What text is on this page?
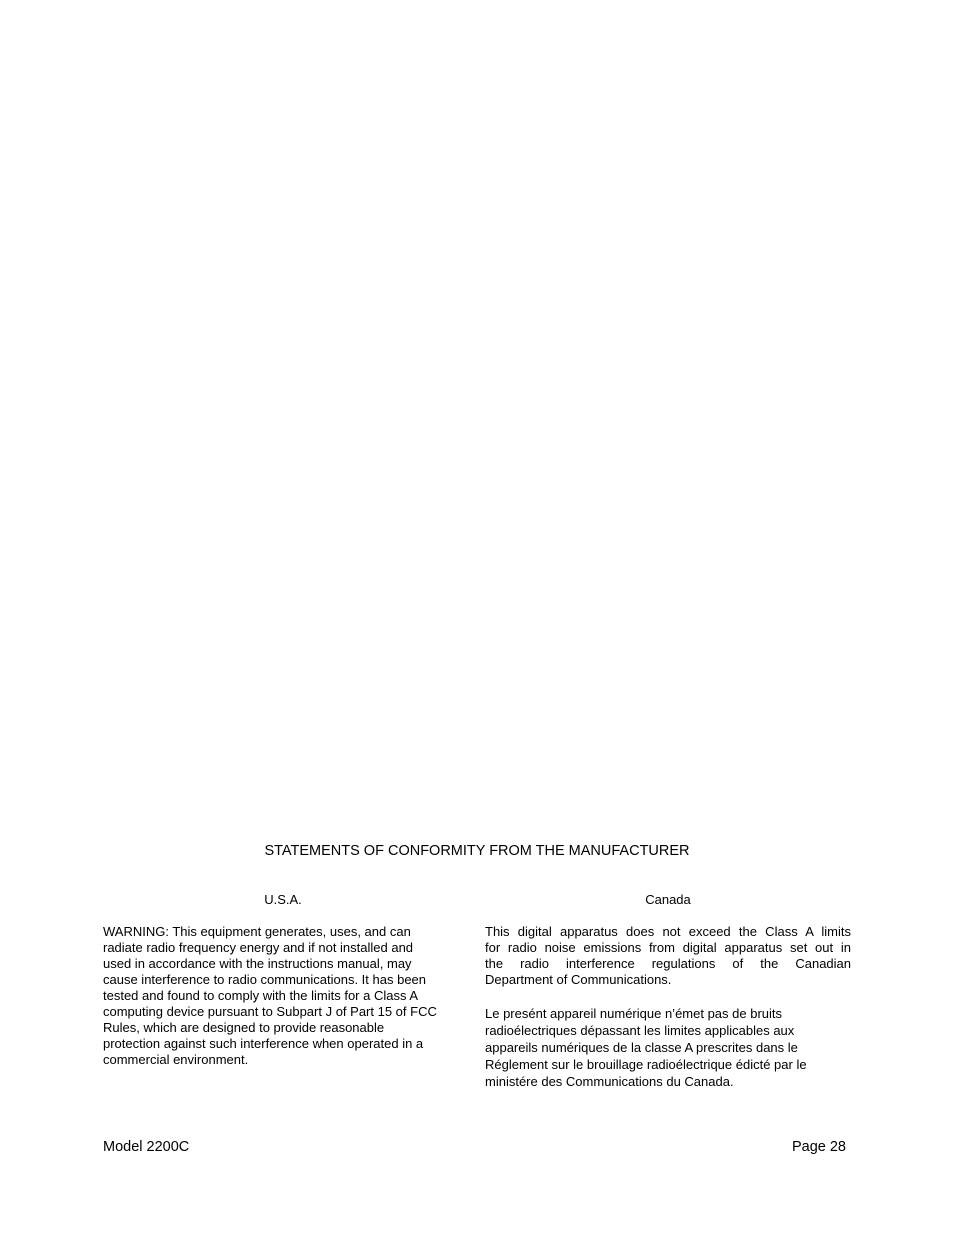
STATEMENTS OF CONFORMITY FROM THE MANUFACTURER
U.S.A.
WARNING: This equipment generates, uses, and can
radiate radio frequency energy and if not installed and
used in accordance with the instructions manual, may
cause interference to radio communications. It has been
tested and found to comply with the limits for a Class A
computing device pursuant to Subpart J of Part 15 of FCC
Rules, which are designed to provide reasonable
protection against such interference when operated in a
commercial environment.
Canada
This digital apparatus does not exceed the Class A limits
for radio noise emissions from digital apparatus set out in
the radio interference regulations of the Canadian
Department of Communications.
Le presént appareil numérique n’émet pas de bruits
radioélectriques dépassant les limites applicables aux
appareils numériques de la classe A prescrites dans le
Réglement sur le brouillage radioélectrique édicté par le
ministére des Communications du Canada.
Model 2200C	Page 28
